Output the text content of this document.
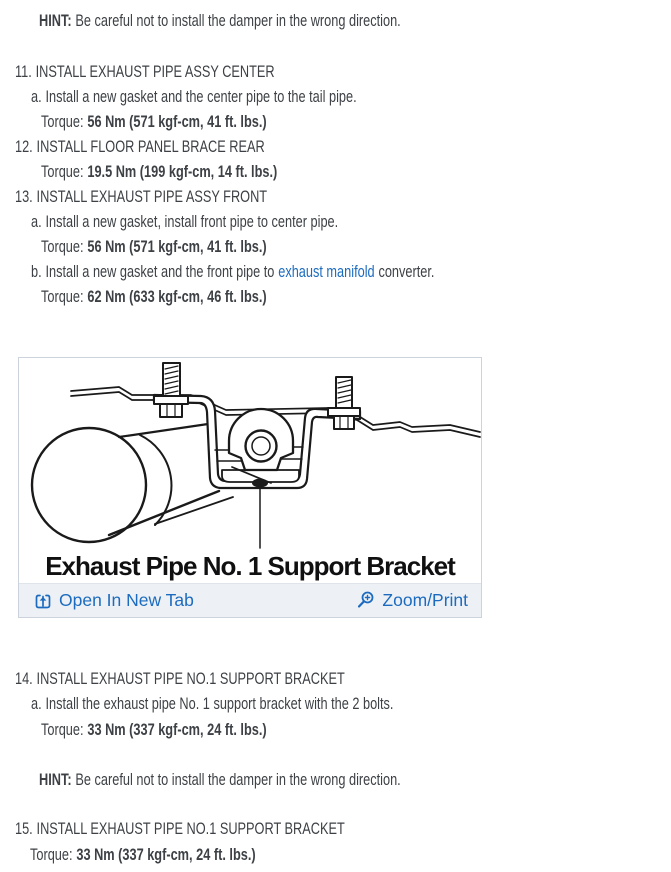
HINT: Be careful not to install the damper in the wrong direction.
11. INSTALL EXHAUST PIPE ASSY CENTER
a. Install a new gasket and the center pipe to the tail pipe.
Torque: 56 Nm (571 kgf-cm, 41 ft. lbs.)
12. INSTALL FLOOR PANEL BRACE REAR
Torque: 19.5 Nm (199 kgf-cm, 14 ft. lbs.)
13. INSTALL EXHAUST PIPE ASSY FRONT
a. Install a new gasket, install front pipe to center pipe.
Torque: 56 Nm (571 kgf-cm, 41 ft. lbs.)
b. Install a new gasket and the front pipe to exhaust manifold converter.
Torque: 62 Nm (633 kgf-cm, 46 ft. lbs.)
Exhaust Pipe No. 1 Support Bracket
Open In New Tab	Zoom/Print
14. INSTALL EXHAUST PIPE NO.1 SUPPORT BRACKET
a. Install the exhaust pipe No. 1 support bracket with the 2 bolts.
Torque: 33 Nm (337 kgf-cm, 24 ft. lbs.)
HINT: Be careful not to install the damper in the wrong direction.
15. INSTALL EXHAUST PIPE NO.1 SUPPORT BRACKET
Torque: 33 Nm (337 kgf-cm, 24 ft. lbs.)
